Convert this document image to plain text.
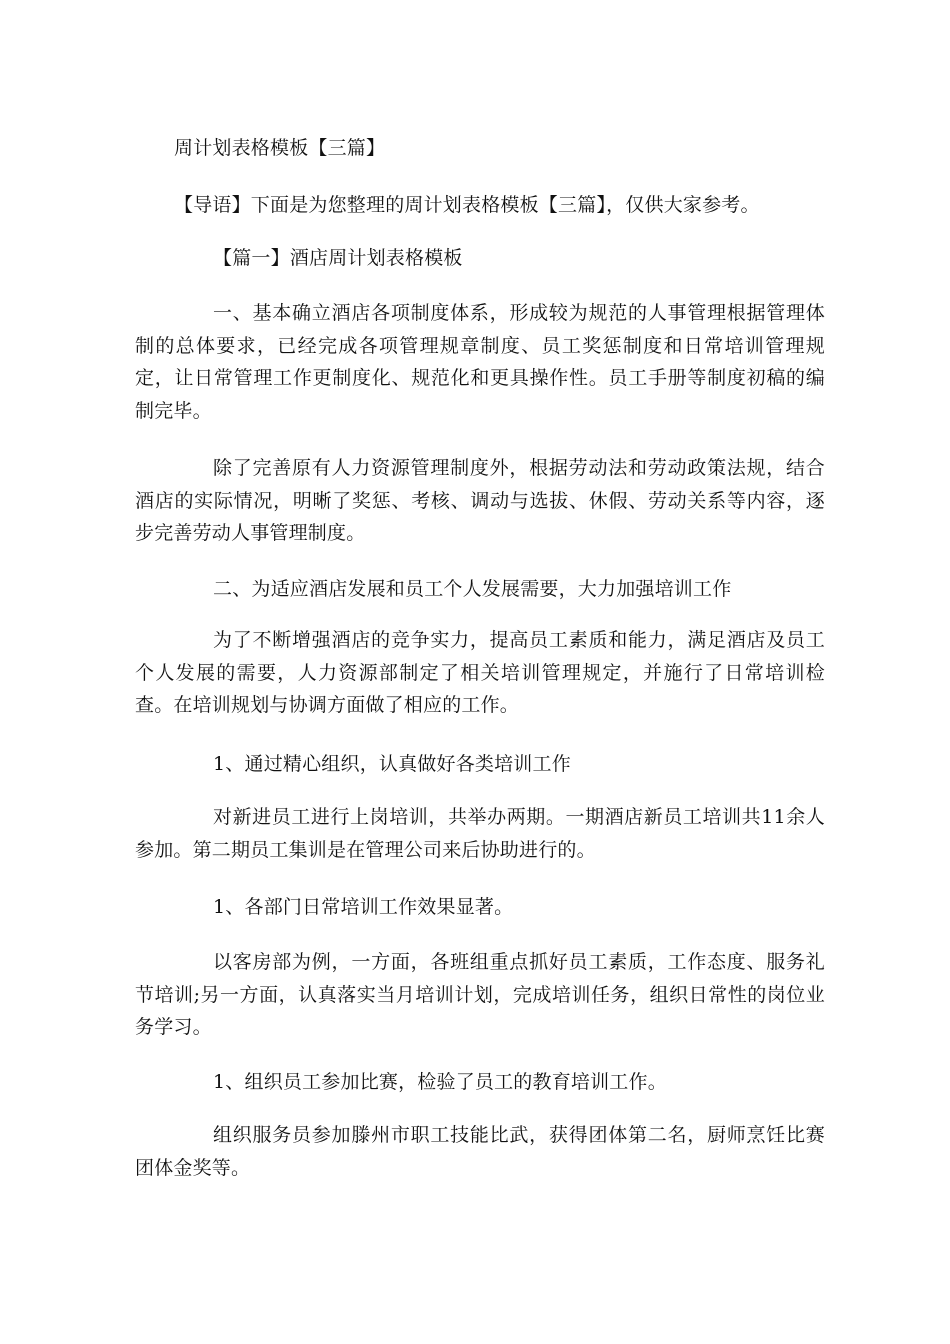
周计划表格模板【三篇】
【导语】下面是为您整理的周计划表格模板【三篇】，仅供大家参考。
【篇一】酒店周计划表格模板
一、基本确立酒店各项制度体系，形成较为规范的人事管理根据管理体制的总体要求，已经完成各项管理规章制度、员工奖惩制度和日常培训管理规定，让日常管理工作更制度化、规范化和更具操作性。员工手册等制度初稿的编制完毕。
除了完善原有人力资源管理制度外，根据劳动法和劳动政策法规，结合酒店的实际情况，明晰了奖惩、考核、调动与选拔、休假、劳动关系等内容，逐步完善劳动人事管理制度。
二、为适应酒店发展和员工个人发展需要，大力加强培训工作
为了不断增强酒店的竞争实力，提高员工素质和能力，满足酒店及员工个人发展的需要，人力资源部制定了相关培训管理规定，并施行了日常培训检查。在培训规划与协调方面做了相应的工作。
1、通过精心组织，认真做好各类培训工作
对新进员工进行上岗培训，共举办两期。一期酒店新员工培训共11余人参加。第二期员工集训是在管理公司来后协助进行的。
1、各部门日常培训工作效果显著。
以客房部为例，一方面，各班组重点抓好员工素质，工作态度、服务礼节培训;另一方面，认真落实当月培训计划，完成培训任务，组织日常性的岗位业务学习。
1、组织员工参加比赛，检验了员工的教育培训工作。
组织服务员参加滕州市职工技能比武，获得团体第二名，厨师烹饪比赛团体金奖等。
